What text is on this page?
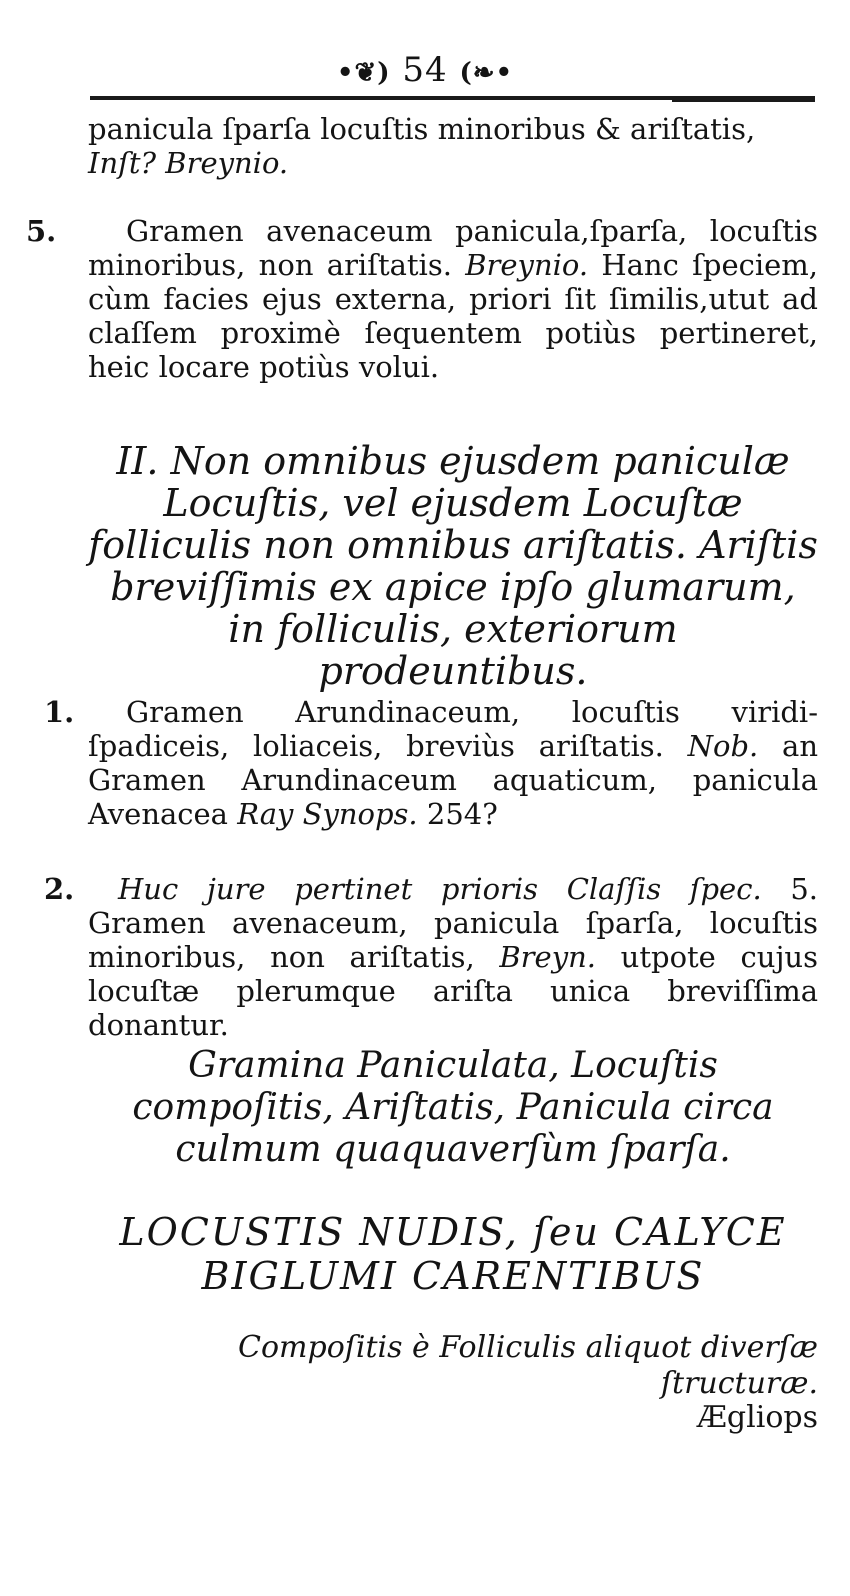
•❦) 54 (❧•
panicula ſparſa locuſtis minoribus & ariſtatis,
Inſt? Breynio.
5.	Gramen avenaceum panicula,ſparſa, locuſtis minoribus, non ariſtatis. Breynio. Hanc ſpeciem, cùm facies ejus externa, priori ſit ſimilis,utut ad claſſem proximè ſequentem potiùs pertineret, heic locare potiùs volui.
II. Non omnibus ejusdem paniculæ Locuſtis, vel ejusdem Locuſtæ folliculis non omnibus ariſtatis. Ariſtis breviſſimis ex apice ipſo glumarum, in folliculis, exteriorum prodeuntibus.
1.	Gramen Arundinaceum, locuſtis viridi-ſpadiceis, loliaceis, breviùs ariſtatis. Nob. an Gramen Arundinaceum aquaticum, panicula Avenacea Ray Synops. 254?
2.	Huc jure pertinet prioris Claſſis ſpec. 5. Gramen avenaceum, panicula ſparſa, locuſtis minoribus, non ariſtatis, Breyn. utpote cujus locuſtæ plerumque ariſta unica breviſſima donantur.
Gramina Paniculata, Locuſtis compoſitis, Ariſtatis, Panicula circa culmum quaquaverſùm ſparſa.
LOCUSTIS NUDIS, ſeu CALYCE
BIGLUMI CARENTIBUS
Compoſitis è Folliculis aliquot diverſæ ſtructuræ.
Ægliops
